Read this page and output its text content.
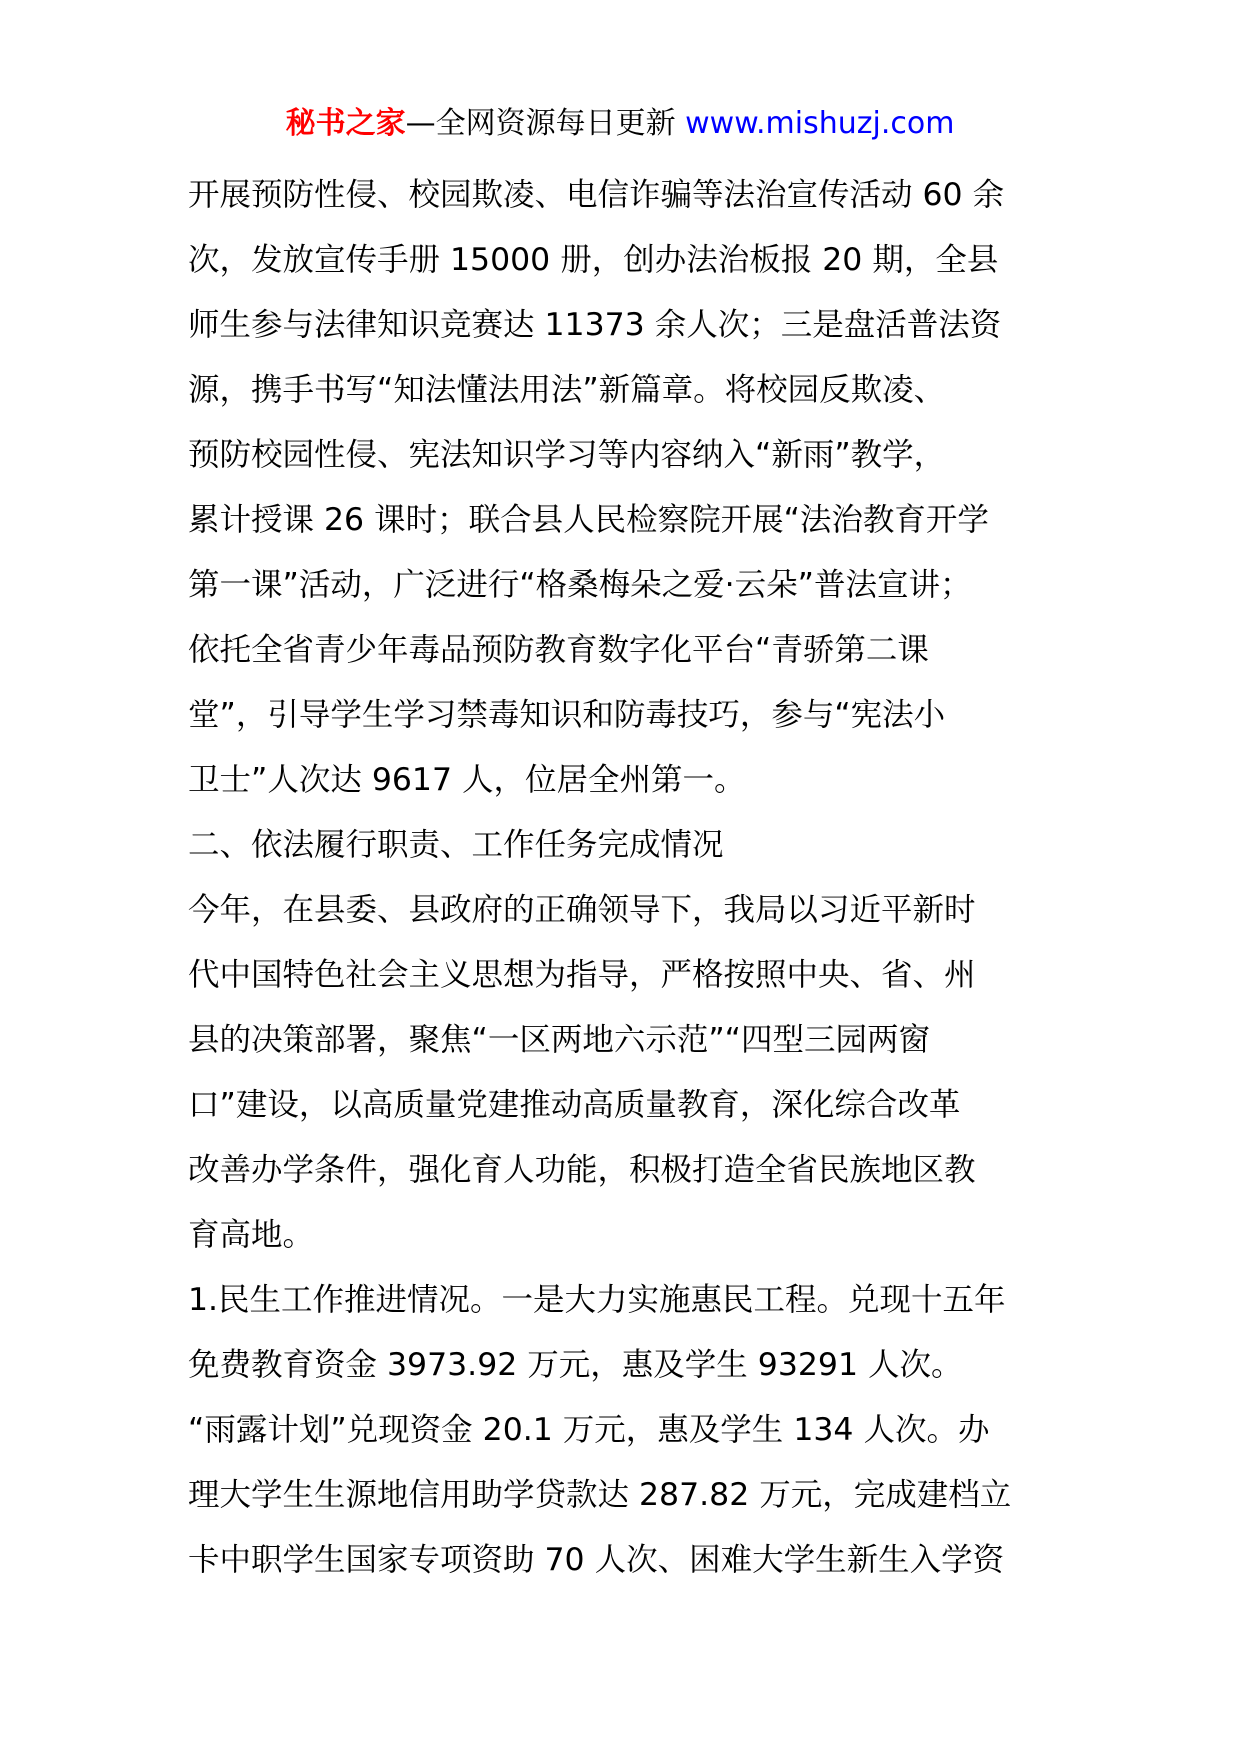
秘书之家—全网资源每日更新 www.mishuzj.com
开展预防性侵、校园欺凌、电信诈骗等法治宣传活动 60 余
次，发放宣传手册 15000 册，创办法治板报 20 期，全县
师生参与法律知识竞赛达 11373 余人次；三是盘活普法资
源，携手书写“知法懂法用法”新篇章。将校园反欺凌、
预防校园性侵、宪法知识学习等内容纳入“新雨”教学，
累计授课 26 课时；联合县人民检察院开展“法治教育开学
第一课”活动，广泛进行“格桑梅朵之爱·云朵”普法宣讲；
依托全省青少年毒品预防教育数字化平台“青骄第二课
堂”，引导学生学习禁毒知识和防毒技巧，参与“宪法小
卫士”人次达 9617 人，位居全州第一。
二、依法履行职责、工作任务完成情况
今年，在县委、县政府的正确领导下，我局以习近平新时
代中国特色社会主义思想为指导，严格按照中央、省、州
县的决策部署，聚焦“一区两地六示范”“四型三园两窗
口”建设，以高质量党建推动高质量教育，深化综合改革
改善办学条件，强化育人功能，积极打造全省民族地区教
育高地。
1.民生工作推进情况。一是大力实施惠民工程。兑现十五年
免费教育资金 3973.92 万元，惠及学生 93291 人次。
“雨露计划”兑现资金 20.1 万元，惠及学生 134 人次。办
理大学生生源地信用助学贷款达 287.82 万元，完成建档立
卡中职学生国家专项资助 70 人次、困难大学生新生入学资
